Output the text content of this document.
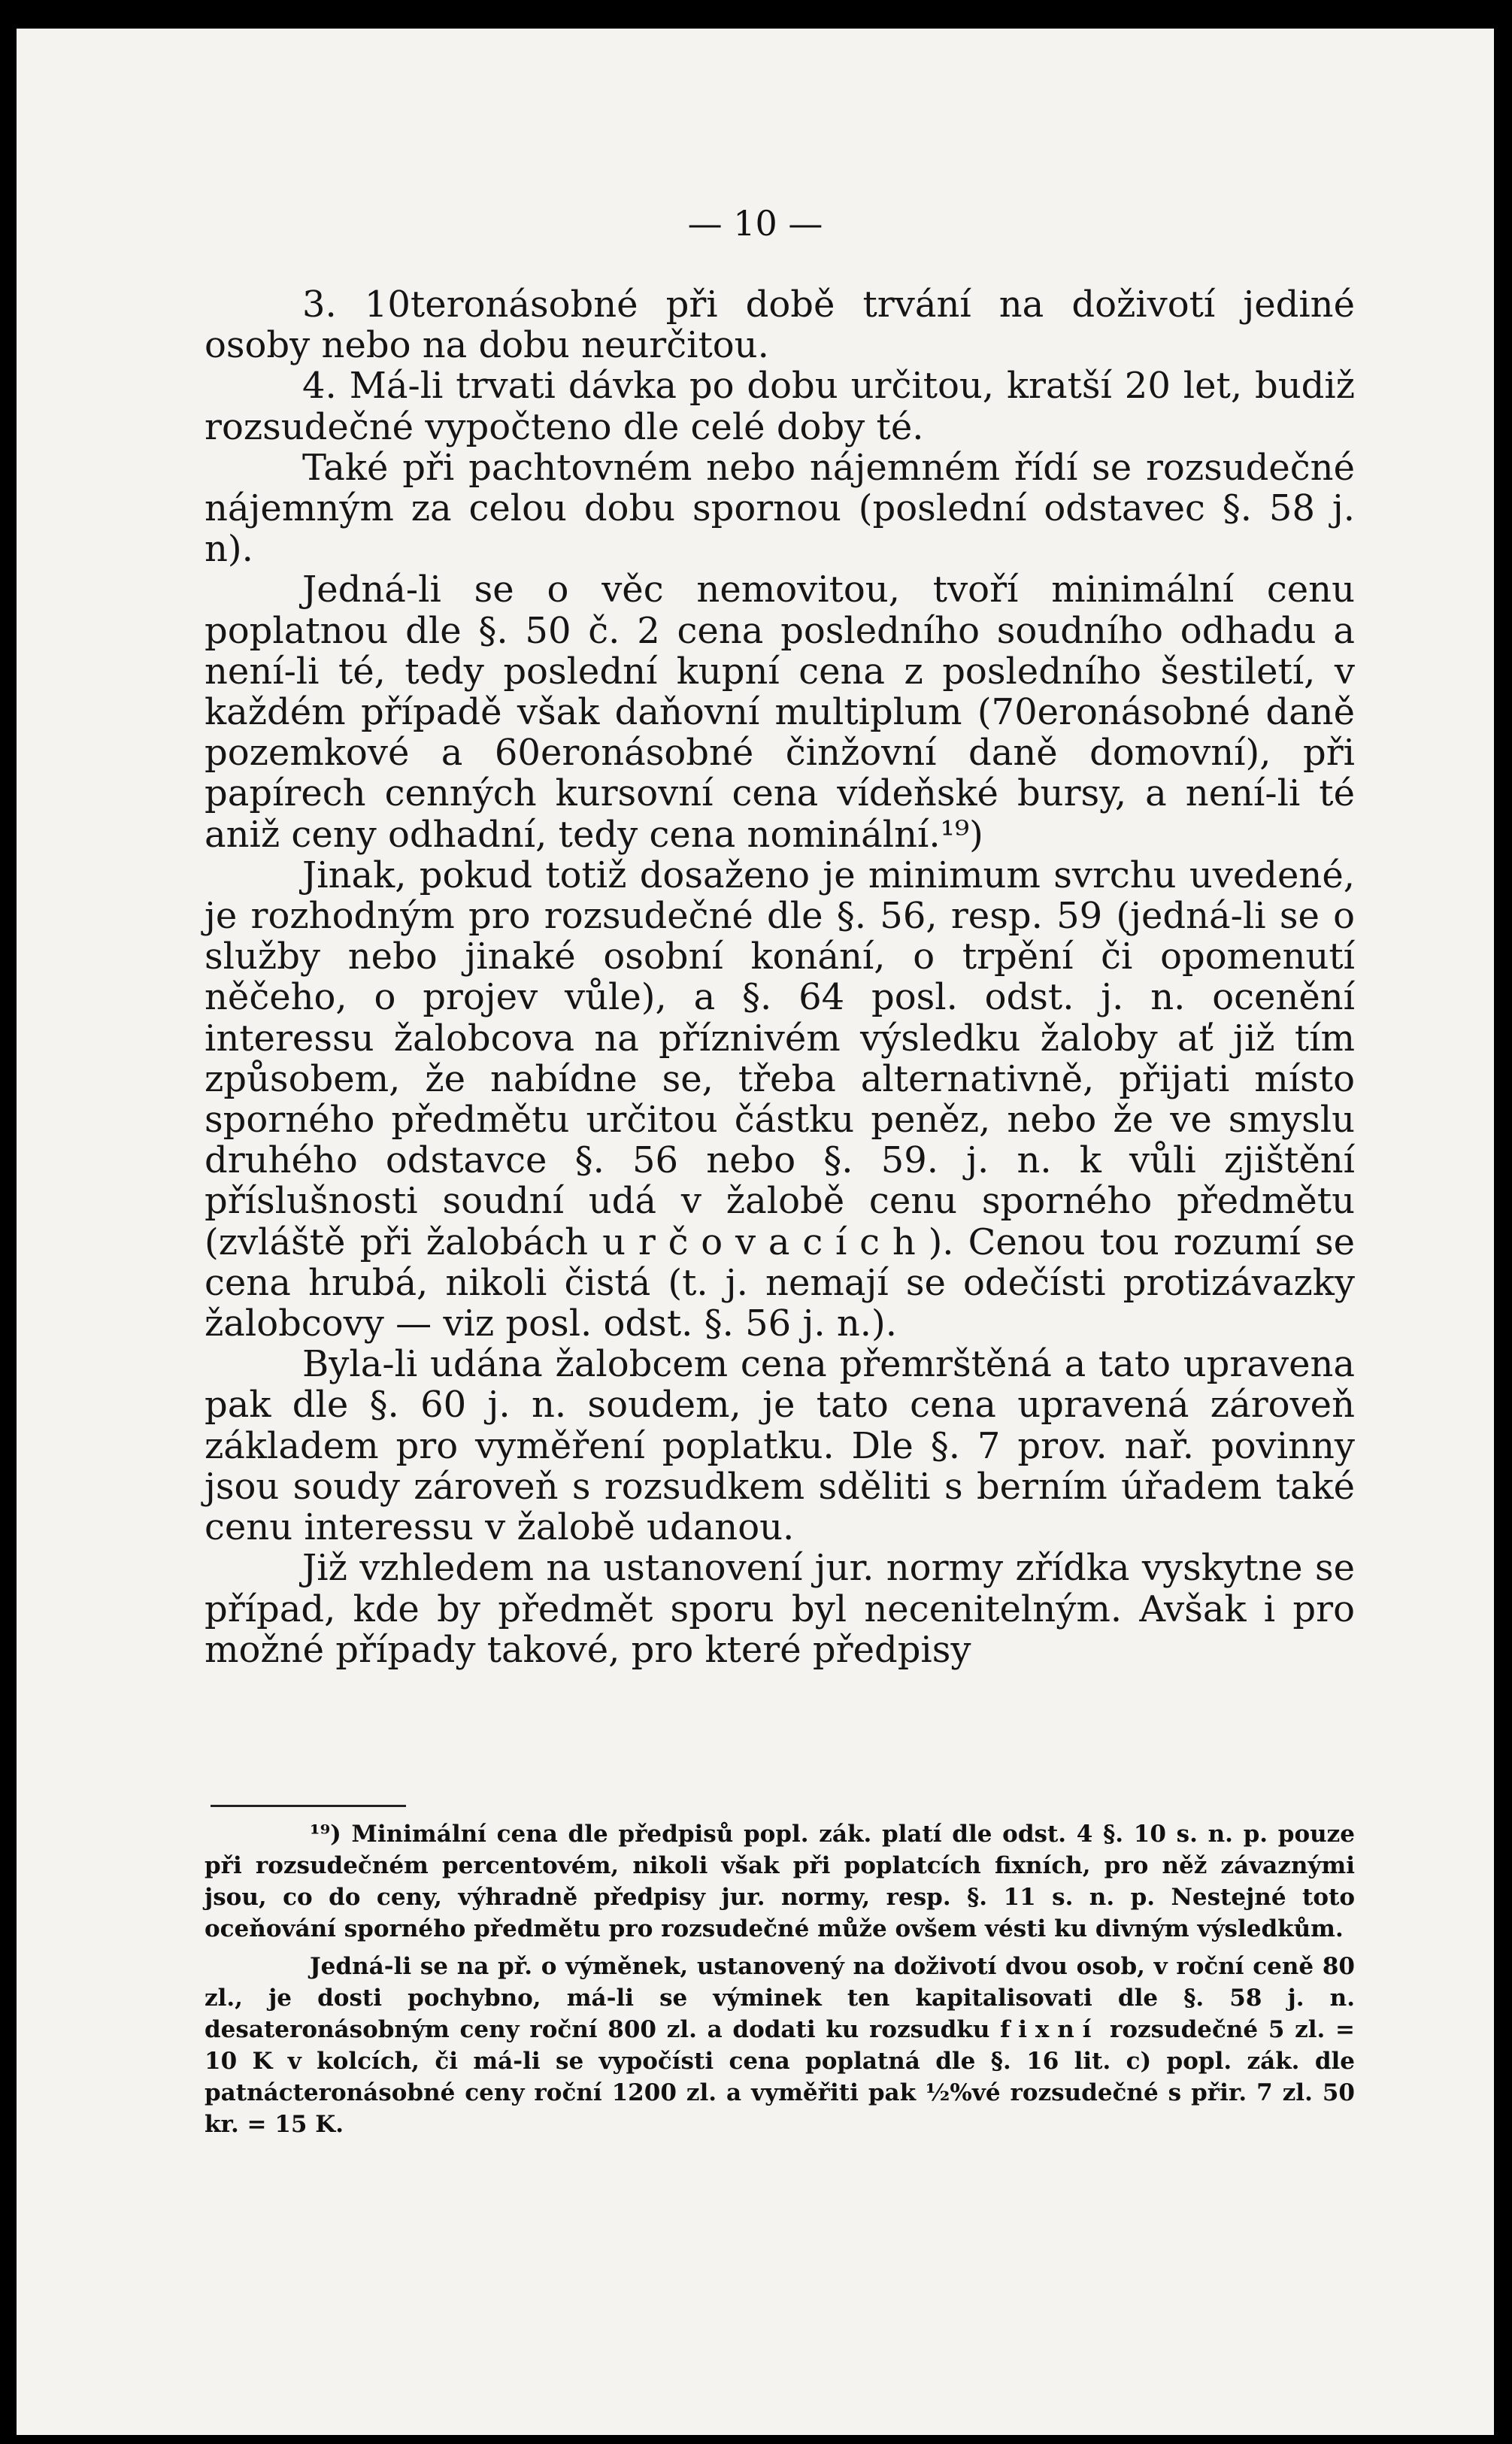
— 10 —

3. 10teronásobné při době trvání na doživotí jediné osoby nebo na dobu neurčitou.

4. Má-li trvati dávka po dobu určitou, kratší 20 let, budiž rozsudečné vypočteno dle celé doby té.

Také při pachtovném nebo nájemném řídí se rozsudečné nájemným za celou dobu spornou (poslední odstavec §. 58 j. n).

Jedná-li se o věc nemovitou, tvoří minimální cenu poplatnou dle §. 50 č. 2 cena posledního soudního odhadu a není-li té, tedy poslední kupní cena z posledního šestiletí, v každém případě však daňovní multiplum (70eronásobné daně pozemkové a 60eronásobné činžovní daně domovní), při papírech cenných kursovní cena vídeňské bursy, a není-li té aniž ceny odhadní, tedy cena nominální.¹⁹)

Jinak, pokud totiž dosaženo je minimum svrchu uvedené, je rozhodným pro rozsudečné dle §. 56, resp. 59 (jedná-li se o služby nebo jinaké osobní konání, o trpění či opomenutí něčeho, o projev vůle), a §. 64 posl. odst. j. n. ocenění interessu žalobcova na příznivém výsledku žaloby ať již tím způsobem, že nabídne se, třeba alternativně, přijati místo sporného předmětu určitou částku peněz, nebo že ve smyslu druhého odstavce §. 56 nebo §. 59. j. n. k vůli zjištění příslušnosti soudní udá v žalobě cenu sporného předmětu (zvláště při žalobách určovacích). Cenou tou rozumí se cena hrubá, nikoli čistá (t. j. nemají se odečísti protizávazky žalobcovy — viz posl. odst. §. 56 j. n.).

Byla-li udána žalobcem cena přemrštěná a tato upravena pak dle §. 60 j. n. soudem, je tato cena upravená zároveň základem pro vyměření poplatku. Dle §. 7 prov. nař. povinny jsou soudy zároveň s rozsudkem sděliti s berním úřadem také cenu interessu v žalobě udanou.

Již vzhledem na ustanovení jur. normy zřídka vyskytne se případ, kde by předmět sporu byl necenitelným. Avšak i pro možné případy takové, pro které předpisy

¹⁹) Minimální cena dle předpisů popl. zák. platí dle odst. 4 §. 10 s. n. p. pouze při rozsudečném percentovém, nikoli však při poplatcích fixních, pro něž závaznými jsou, co do ceny, výhradně předpisy jur. normy, resp. §. 11 s. n. p. Nestejné toto oceňování sporného předmětu pro rozsudečné může ovšem vésti ku divným výsledkům.

Jedná-li se na př. o výměnek, ustanovený na doživotí dvou osob, v roční ceně 80 zl., je dosti pochybno, má-li se výminek ten kapitalisovati dle §. 58 j. n. desateronásobným ceny roční 800 zl. a dodati ku rozsudku fixní rozsudečné 5 zl. = 10 K v kolcích, či má-li se vypočísti cena poplatná dle §. 16 lit. c) popl. zák. dle patnácteronásobné ceny roční 1200 zl. a vyměřiti pak ½%vé rozsudečné s přir. 7 zl. 50 kr. = 15 K.
